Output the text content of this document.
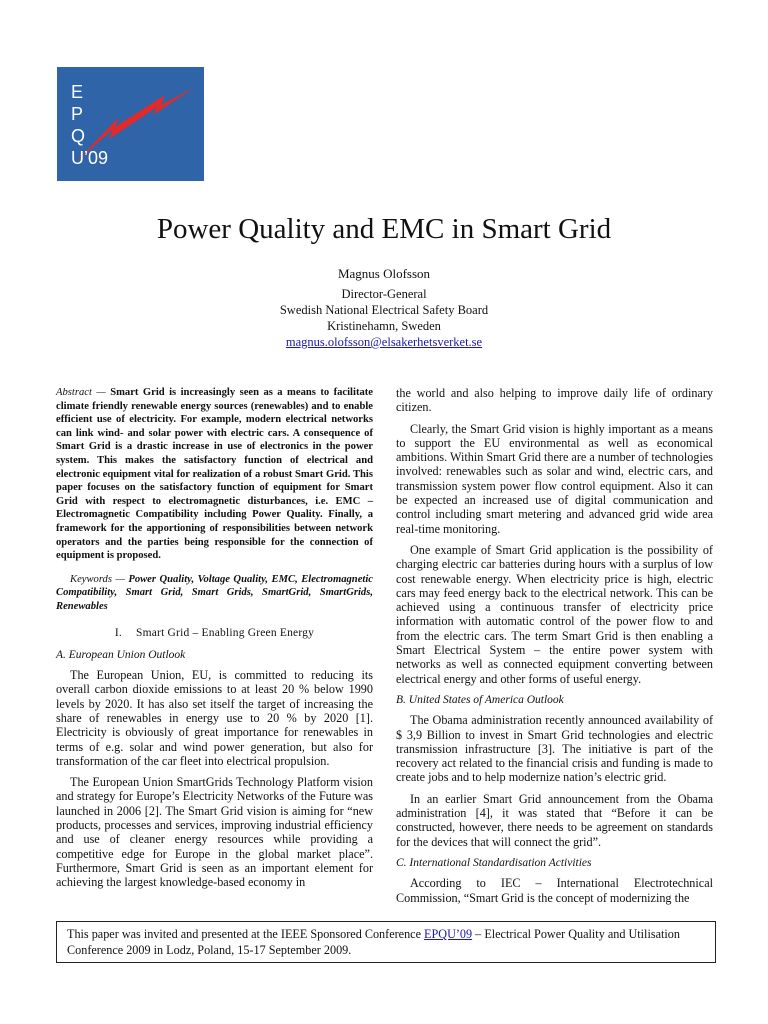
E
P
Q
U’09
Power Quality and EMC in Smart Grid
Magnus Olofsson
Director-General
Swedish National Electrical Safety Board
Kristinehamn, Sweden
magnus.olofsson@elsakerhetsverket.se

Abstract — Smart Grid is increasingly seen as a means to facilitate climate friendly renewable energy sources (renewables) and to enable efficient use of electricity. For example, modern electrical networks can link wind- and solar power with electric cars. A consequence of Smart Grid is a drastic increase in use of electronics in the power system. This makes the satisfactory function of electrical and electronic equipment vital for realization of a robust Smart Grid. This paper focuses on the satisfactory function of equipment for Smart Grid with respect to electromagnetic disturbances, i.e. EMC – Electromagnetic Compatibility including Power Quality. Finally, a framework for the apportioning of responsibilities between network operators and the parties being responsible for the connection of equipment is proposed.

Keywords — Power Quality, Voltage Quality, EMC, Electromagnetic Compatibility, Smart Grid, Smart Grids, SmartGrid, SmartGrids, Renewables

I. Smart Grid – Enabling Green Energy
A. European Union Outlook

The European Union, EU, is committed to reducing its overall carbon dioxide emissions to at least 20 % below 1990 levels by 2020. It has also set itself the target of increasing the share of renewables in energy use to 20 % by 2020 [1]. Electricity is obviously of great importance for renewables in terms of e.g. solar and wind power generation, but also for transformation of the car fleet into electrical propulsion.

The European Union SmartGrids Technology Platform vision and strategy for Europe’s Electricity Networks of the Future was launched in 2006 [2]. The Smart Grid vision is aiming for “new products, processes and services, improving industrial efficiency and use of cleaner energy resources while providing a competitive edge for Europe in the global market place”. Furthermore, Smart Grid is seen as an important element for achieving the largest knowledge-based economy in

the world and also helping to improve daily life of ordinary citizen.

Clearly, the Smart Grid vision is highly important as a means to support the EU environmental as well as economical ambitions. Within Smart Grid there are a number of technologies involved: renewables such as solar and wind, electric cars, and transmission system power flow control equipment. Also it can be expected an increased use of digital communication and control including smart metering and advanced grid wide area real-time monitoring.

One example of Smart Grid application is the possibility of charging electric car batteries during hours with a surplus of low cost renewable energy. When electricity price is high, electric cars may feed energy back to the electrical network. This can be achieved using a continuous transfer of electricity price information with automatic control of the power flow to and from the electric cars. The term Smart Grid is then enabling a Smart Electrical System – the entire power system with networks as well as connected equipment converting between electrical energy and other forms of useful energy.

B. United States of America Outlook

The Obama administration recently announced availability of $ 3,9 Billion to invest in Smart Grid technologies and electric transmission infrastructure [3]. The initiative is part of the recovery act related to the financial crisis and funding is made to create jobs and to help modernize nation’s electric grid.

In an earlier Smart Grid announcement from the Obama administration [4], it was stated that “Before it can be constructed, however, there needs to be agreement on standards for the devices that will connect the grid”.

C. International Standardisation Activities

According to IEC – International Electrotechnical Commission, “Smart Grid is the concept of modernizing the

This paper was invited and presented at the IEEE Sponsored Conference EPQU’09 – Electrical Power Quality and Utilisation Conference 2009 in Lodz, Poland, 15-17 September 2009.
